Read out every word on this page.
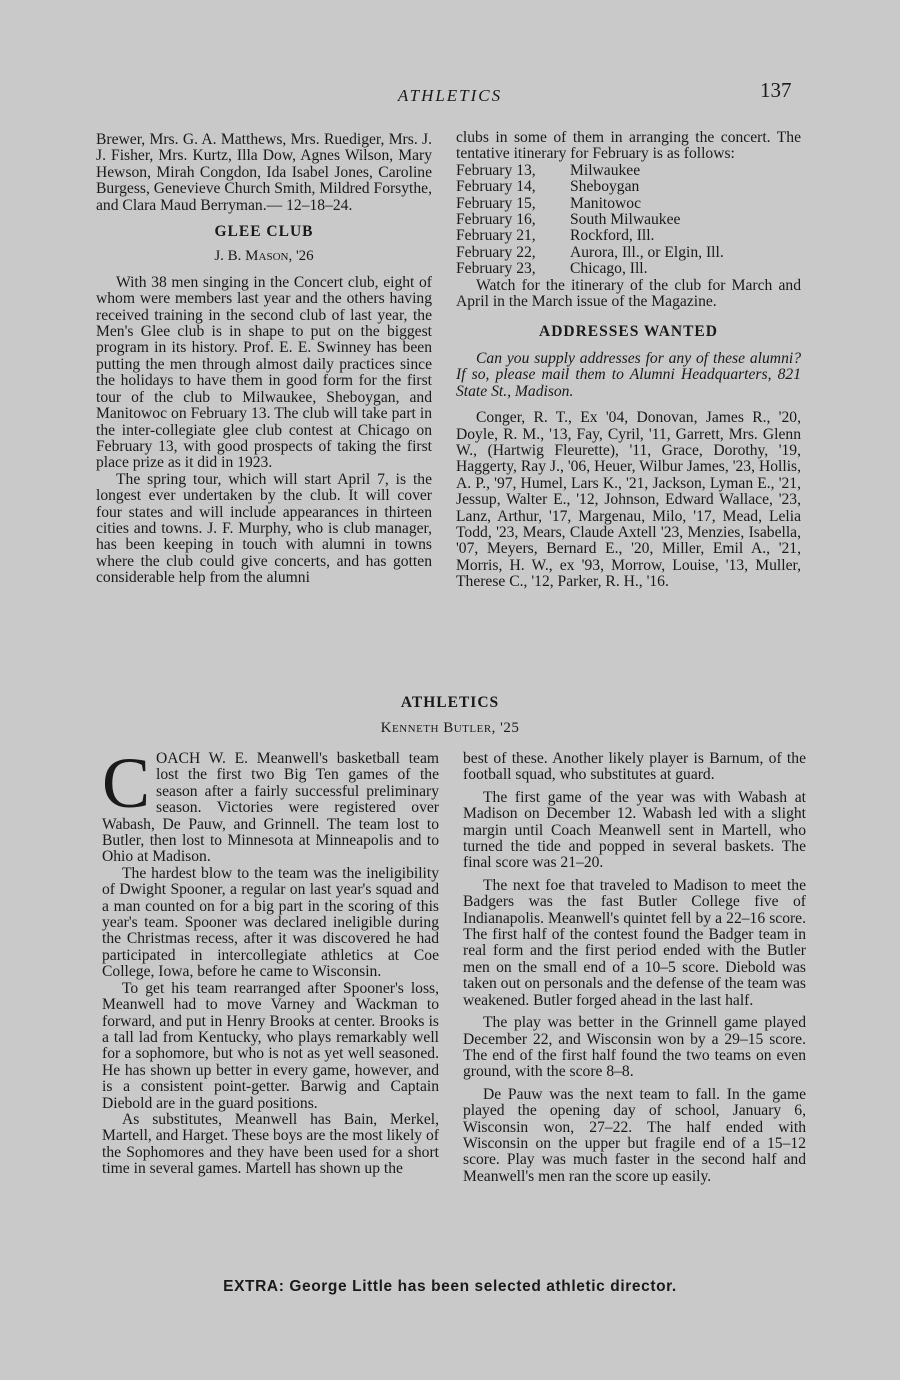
ATHLETICS	137

Brewer, Mrs. G. A. Matthews, Mrs. Ruediger, Mrs. J. J. Fisher, Mrs. Kurtz, Illa Dow, Agnes Wilson, Mary Hewson, Mirah Congdon, Ida Isabel Jones, Caroline Burgess, Genevieve Church Smith, Mildred Forsythe, and Clara Maud Berryman.— 12–18–24.

GLEE CLUB
J. B. Mason, '26

With 38 men singing in the Concert club, eight of whom were members last year and the others having received training in the second club of last year, the Men's Glee club is in shape to put on the biggest program in its history. Prof. E. E. Swinney has been putting the men through almost daily practices since the holidays to have them in good form for the first tour of the club to Milwaukee, Sheboygan, and Manitowoc on February 13. The club will take part in the inter-collegiate glee club contest at Chicago on February 13, with good prospects of taking the first place prize as it did in 1923.

The spring tour, which will start April 7, is the longest ever undertaken by the club. It will cover four states and will include appearances in thirteen cities and towns. J. F. Murphy, who is club manager, has been keeping in touch with alumni in towns where the club could give concerts, and has gotten considerable help from the alumni

clubs in some of them in arranging the concert. The tentative itinerary for February is as follows:

February 13,	Milwaukee
February 14,	Sheboygan
February 15,	Manitowoc
February 16,	South Milwaukee
February 21,	Rockford, Ill.
February 22,	Aurora, Ill., or Elgin, Ill.
February 23,	Chicago, Ill.

Watch for the itinerary of the club for March and April in the March issue of the Magazine.

ADDRESSES WANTED

Can you supply addresses for any of these alumni? If so, please mail them to Alumni Headquarters, 821 State St., Madison.

Conger, R. T., Ex '04, Donovan, James R., '20, Doyle, R. M., '13, Fay, Cyril, '11, Garrett, Mrs. Glenn W., (Hartwig Fleurette), '11, Grace, Dorothy, '19, Haggerty, Ray J., '06, Heuer, Wilbur James, '23, Hollis, A. P., '97, Humel, Lars K., '21, Jackson, Lyman E., '21, Jessup, Walter E., '12, Johnson, Edward Wallace, '23, Lanz, Arthur, '17, Margenau, Milo, '17, Mead, Lelia Todd, '23, Mears, Claude Axtell '23, Menzies, Isabella, '07, Meyers, Bernard E., '20, Miller, Emil A., '21, Morris, H. W., ex '93, Morrow, Louise, '13, Muller, Therese C., '12, Parker, R. H., '16.

ATHLETICS
Kenneth Butler, '25

COACH W. E. Meanwell's basketball team lost the first two Big Ten games of the season after a fairly successful preliminary season. Victories were registered over Wabash, De Pauw, and Grinnell. The team lost to Butler, then lost to Minnesota at Minneapolis and to Ohio at Madison.

The hardest blow to the team was the ineligibility of Dwight Spooner, a regular on last year's squad and a man counted on for a big part in the scoring of this year's team. Spooner was declared ineligible during the Christmas recess, after it was discovered he had participated in intercollegiate athletics at Coe College, Iowa, before he came to Wisconsin.

To get his team rearranged after Spooner's loss, Meanwell had to move Varney and Wackman to forward, and put in Henry Brooks at center. Brooks is a tall lad from Kentucky, who plays remarkably well for a sophomore, but who is not as yet well seasoned. He has shown up better in every game, however, and is a consistent point-getter. Barwig and Captain Diebold are in the guard positions.

As substitutes, Meanwell has Bain, Merkel, Martell, and Harget. These boys are the most likely of the Sophomores and they have been used for a short time in several games. Martell has shown up the

best of these. Another likely player is Barnum, of the football squad, who substitutes at guard.

The first game of the year was with Wabash at Madison on December 12. Wabash led with a slight margin until Coach Meanwell sent in Martell, who turned the tide and popped in several baskets. The final score was 21–20.

The next foe that traveled to Madison to meet the Badgers was the fast Butler College five of Indianapolis. Meanwell's quintet fell by a 22–16 score. The first half of the contest found the Badger team in real form and the first period ended with the Butler men on the small end of a 10–5 score. Diebold was taken out on personals and the defense of the team was weakened. Butler forged ahead in the last half.

The play was better in the Grinnell game played December 22, and Wisconsin won by a 29–15 score. The end of the first half found the two teams on even ground, with the score 8–8.

De Pauw was the next team to fall. In the game played the opening day of school, January 6, Wisconsin won, 27–22. The half ended with Wisconsin on the upper but fragile end of a 15–12 score. Play was much faster in the second half and Meanwell's men ran the score up easily.

EXTRA: George Little has been selected athletic director.
